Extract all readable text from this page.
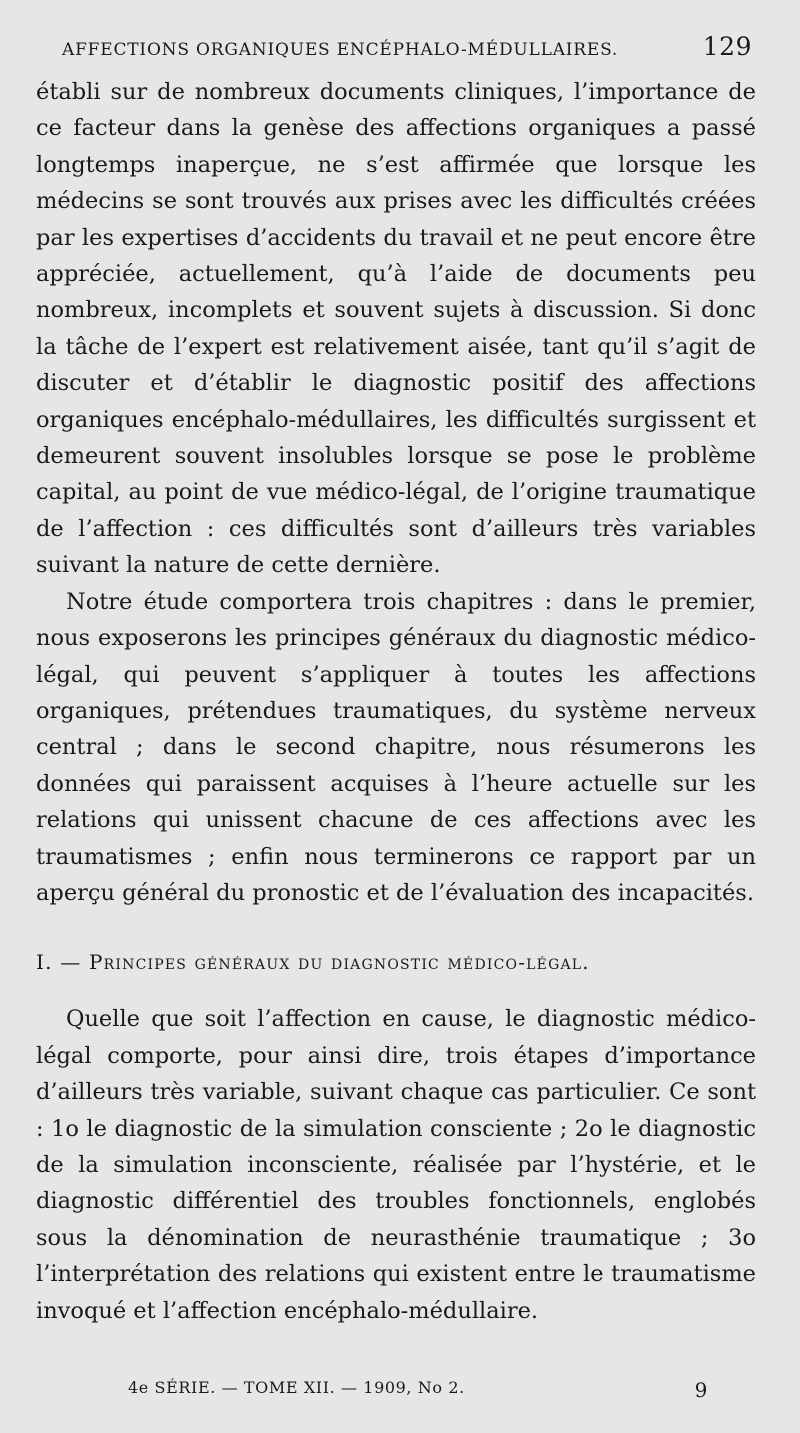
AFFECTIONS ORGANIQUES ENCÉPHALO-MÉDULLAIRES.	129

établi sur de nombreux documents cliniques, l’importance de ce facteur dans la genèse des affections organiques a passé longtemps inaperçue, ne s’est affirmée que lorsque les médecins se sont trouvés aux prises avec les difficultés créées par les expertises d’accidents du travail et ne peut encore être appréciée, actuellement, qu’à l’aide de documents peu nombreux, incomplets et souvent sujets à discussion. Si donc la tâche de l’expert est relativement aisée, tant qu’il s’agit de discuter et d’établir le diagnostic positif des affections organiques encéphalo-médullaires, les difficultés surgissent et demeurent souvent insolubles lorsque se pose le problème capital, au point de vue médico-légal, de l’origine traumatique de l’affection : ces difficultés sont d’ailleurs très variables suivant la nature de cette dernière.

Notre étude comportera trois chapitres : dans le premier, nous exposerons les principes généraux du diagnostic médico-légal, qui peuvent s’appliquer à toutes les affections organiques, prétendues traumatiques, du système nerveux central ; dans le second chapitre, nous résumerons les données qui paraissent acquises à l’heure actuelle sur les relations qui unissent chacune de ces affections avec les traumatismes ; enfin nous terminerons ce rapport par un aperçu général du pronostic et de l’évaluation des incapacités.

I. — Principes généraux du diagnostic médico-légal.

Quelle que soit l’affection en cause, le diagnostic médico-légal comporte, pour ainsi dire, trois étapes d’importance d’ailleurs très variable, suivant chaque cas particulier. Ce sont : 1o le diagnostic de la simulation consciente ; 2o le diagnostic de la simulation inconsciente, réalisée par l’hystérie, et le diagnostic différentiel des troubles fonctionnels, englobés sous la dénomination de neurasthénie traumatique ; 3o l’interprétation des relations qui existent entre le traumatisme invoqué et l’affection encéphalo-médullaire.

4e SÉRIE. — TOME XII. — 1909, No 2.	9
